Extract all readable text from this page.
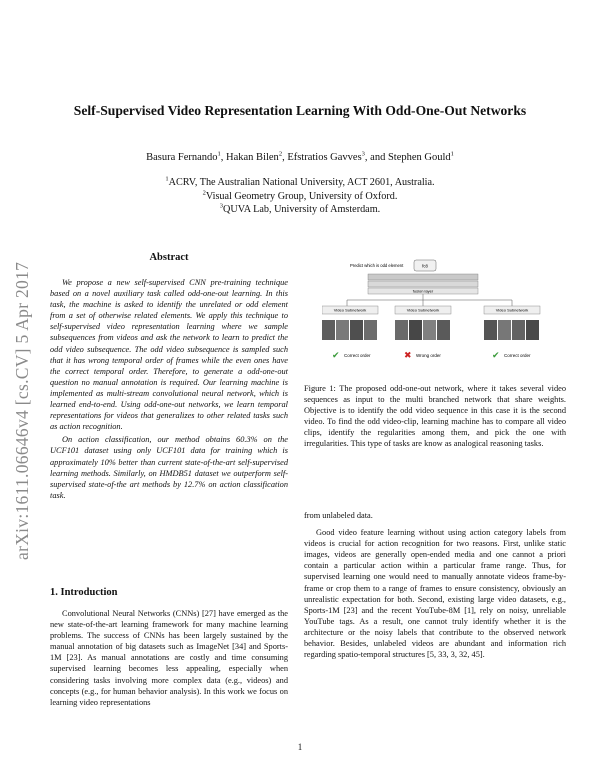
Self-Supervised Video Representation Learning With Odd-One-Out Networks
Basura Fernando$^1$, Hakan Bilen$^2$, Efstratios Gavves$^3$, and Stephen Gould$^1$
$^1$ACRV, The Australian National University, ACT 2601, Australia.
$^2$Visual Geometry Group, University of Oxford.
$^3$QUVA Lab, University of Amsterdam.
arXiv:1611.06646v4 [cs.CV] 5 Apr 2017
Abstract

We propose a new self-supervised CNN pre-training technique based on a novel auxiliary task called odd-one-out learning. In this task, the machine is asked to identify the unrelated or odd element from a set of otherwise related elements. We apply this technique to self-supervised video representation learning where we sample subsequences from videos and ask the network to learn to predict the odd video subsequence. The odd video subsequence is sampled such that it has wrong temporal order of frames while the even ones have the correct temporal order. Therefore, to generate a odd-one-out question no manual annotation is required. Our learning machine is implemented as multi-stream convolutional neural network, which is learned end-to-end. Using odd-one-out networks, we learn temporal representations for videos that generalizes to other related tasks such as action recognition.

On action classification, our method obtains 60.3% on the UCF101 dataset using only UCF101 data for training which is approximately 10% better than current state-of-the-art self-supervised learning methods. Similarly, on HMDB51 dataset we outperform self-supervised state-of-the art methods by 12.7% on action classification task.

1. Introduction

Convolutional Neural Networks (CNNs) [27] have emerged as the new state-of-the-art learning framework for many machine learning problems. The success of CNNs has been largely sustained by the manual annotation of big datasets such as ImageNet [34] and Sports-1M [23]. As manual annotations are costly and time consuming supervised learning becomes less appealing, especially when considering tasks involving more complex data (e.g., videos) and concepts (e.g., for human behavior analysis). In this work we focus on learning video representations

Predict which is odd element	fc8
fusion layer
Video Subnetwork	Video Subnetwork	Video Subnetwork
✔ Correct order	✖ Wrong order	✔ Correct order
Figure 1: The proposed odd-one-out network, where it takes several video sequences as input to the multi branched network that share weights. Objective is to identify the odd video sequence in this case it is the second video. To find the odd video-clip, learning machine has to compare all video clips, identify the regularities among them, and pick the one with irregularities. This type of tasks are know as analogical reasoning tasks.

from unlabeled data.

Good video feature learning without using action category labels from videos is crucial for action recognition for two reasons. First, unlike static images, videos are generally open-ended media and one cannot a priori contain a particular action within a particular frame range. Thus, for supervised learning one would need to manually annotate videos frame-by-frame or crop them to a range of frames to ensure consistency, obviously an unrealistic expectation for both. Second, existing large video datasets, e.g., Sports-1M [23] and the recent YouTube-8M [1], rely on noisy, unreliable YouTube tags. As a result, one cannot truly identify whether it is the architecture or the noisy labels that contribute to the observed network behavior. Besides, unlabeled videos are abundant and information rich regarding spatio-temporal structures [5, 33, 3, 32, 45].

1
